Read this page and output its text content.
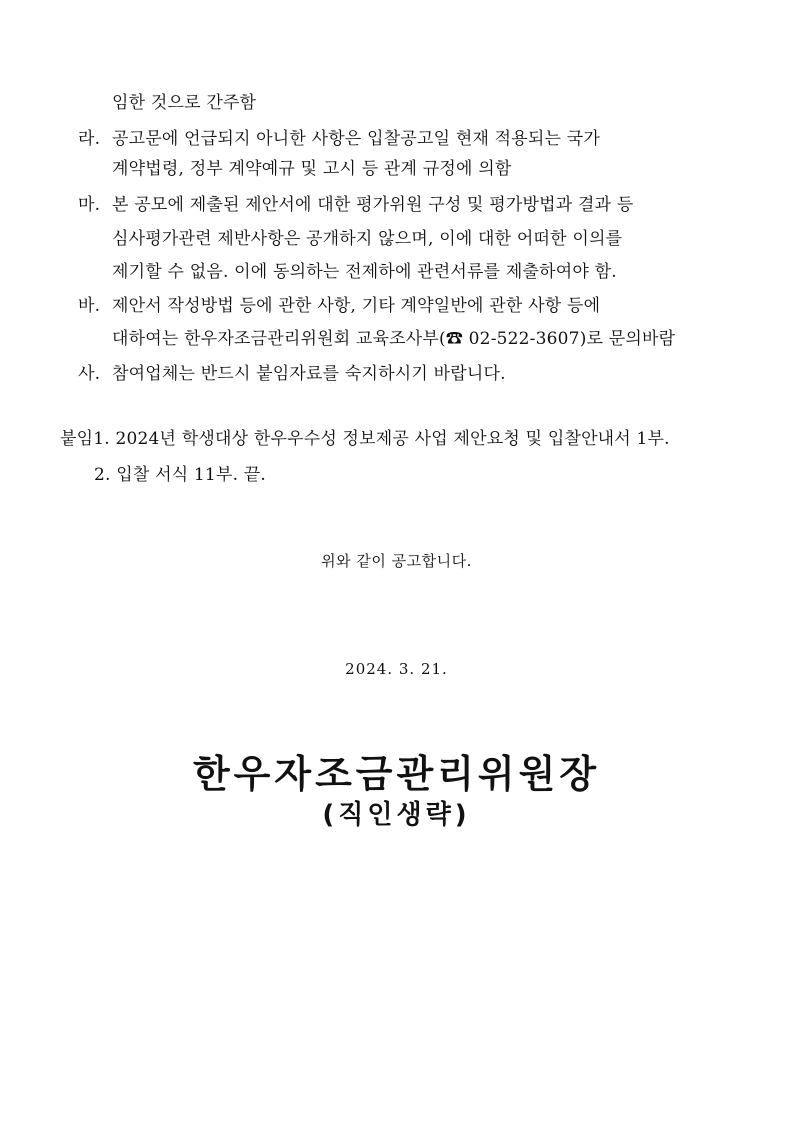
임한 것으로 간주함
라. 공고문에 언급되지 아니한 사항은 입찰공고일 현재 적용되는 국가
계약법령, 정부 계약예규 및 고시 등 관계 규정에 의함
마. 본 공모에 제출된 제안서에 대한 평가위원 구성 및 평가방법과 결과 등
심사평가관련 제반사항은 공개하지 않으며, 이에 대한 어떠한 이의를
제기할 수 없음. 이에 동의하는 전제하에 관련서류를 제출하여야 함.
바. 제안서 작성방법 등에 관한 사항, 기타 계약일반에 관한 사항 등에
대하여는 한우자조금관리위원회 교육조사부(☎ 02-522-3607)로 문의바람
사. 참여업체는 반드시 붙임자료를 숙지하시기 바랍니다.
붙임1. 2024년 학생대상 한우우수성 정보제공 사업 제안요청 및 입찰안내서 1부.
2. 입찰 서식 11부. 끝.
위와 같이 공고합니다.
2024. 3. 21.
한우자조금관리위원장
(직인생략)
